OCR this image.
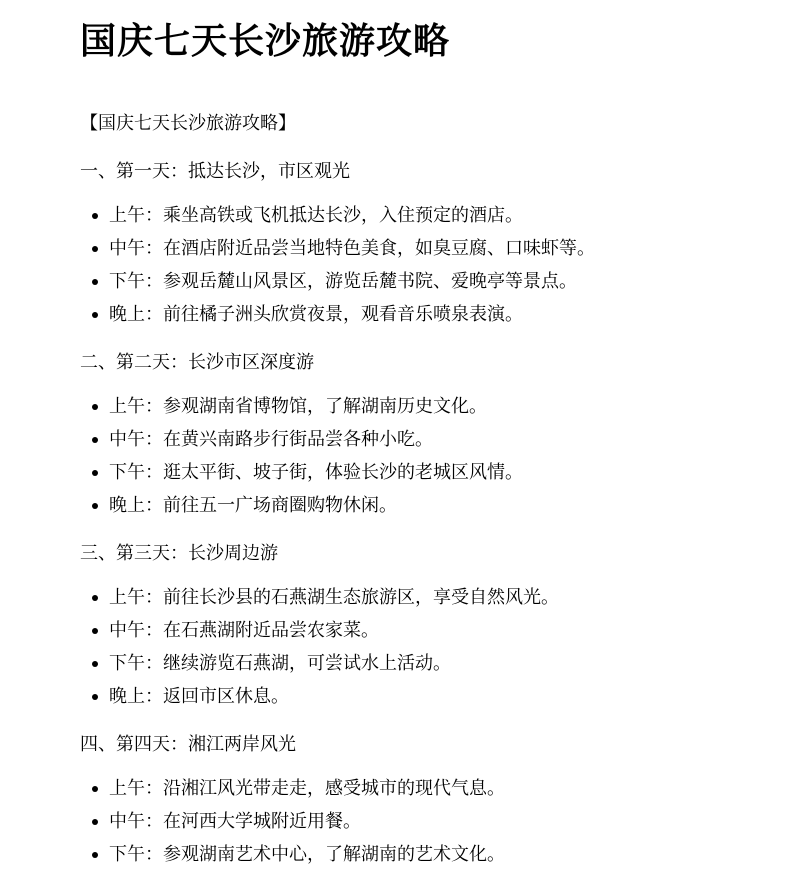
国庆七天长沙旅游攻略

【国庆七天长沙旅游攻略】

一、第一天：抵达长沙，市区观光

上午：乘坐高铁或飞机抵达长沙，入住预定的酒店。
中午：在酒店附近品尝当地特色美食，如臭豆腐、口味虾等。
下午：参观岳麓山风景区，游览岳麓书院、爱晚亭等景点。
晚上：前往橘子洲头欣赏夜景，观看音乐喷泉表演。

二、第二天：长沙市区深度游

上午：参观湖南省博物馆，了解湖南历史文化。
中午：在黄兴南路步行街品尝各种小吃。
下午：逛太平街、坡子街，体验长沙的老城区风情。
晚上：前往五一广场商圈购物休闲。

三、第三天：长沙周边游

上午：前往长沙县的石燕湖生态旅游区，享受自然风光。
中午：在石燕湖附近品尝农家菜。
下午：继续游览石燕湖，可尝试水上活动。
晚上：返回市区休息。

四、第四天：湘江两岸风光

上午：沿湘江风光带走走，感受城市的现代气息。
中午：在河西大学城附近用餐。
下午：参观湖南艺术中心，了解湖南的艺术文化。
